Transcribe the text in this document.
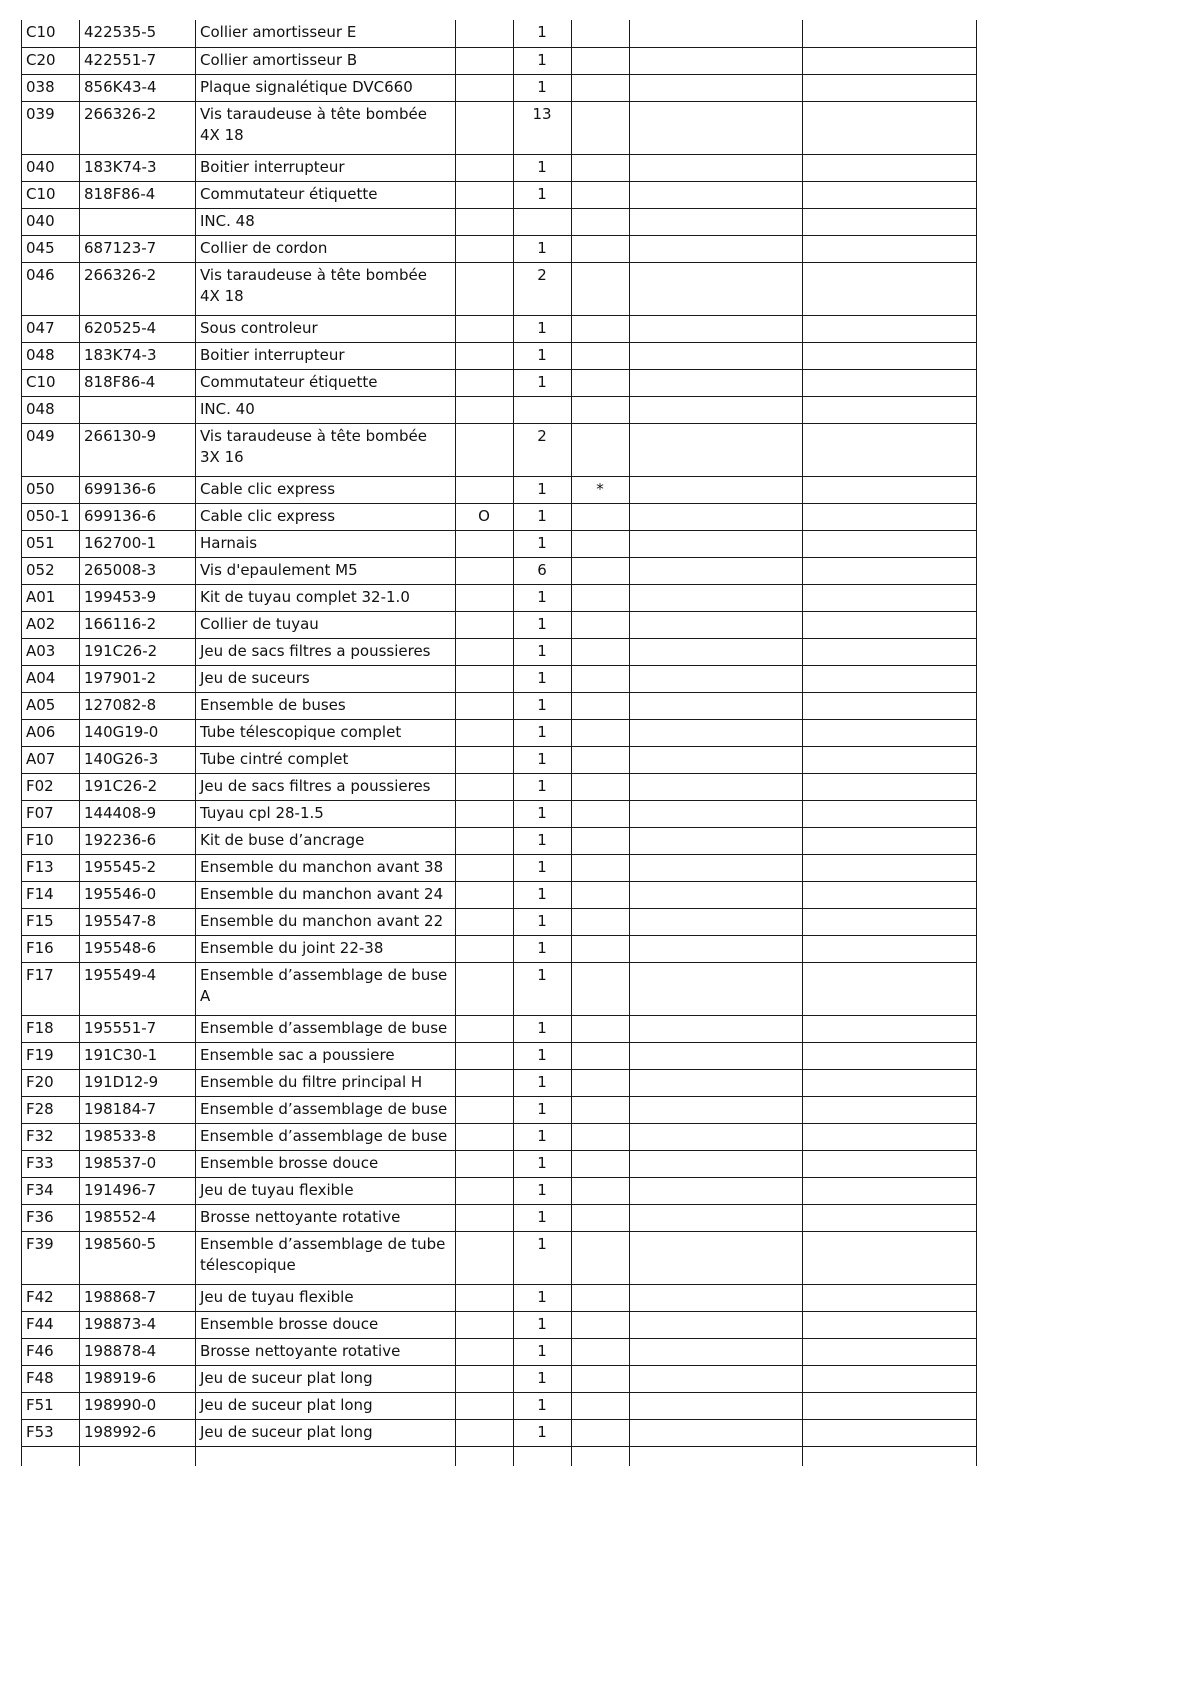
C10	422535-5	Collier amortisseur E		1			
C20	422551-7	Collier amortisseur B		1			
038	856K43-4	Plaque signalétique DVC660		1			
039	266326-2	Vis taraudeuse à tête bombée 4X 18		13			
040	183K74-3	Boitier interrupteur		1			
C10	818F86-4	Commutateur étiquette		1			
040		INC. 48					
045	687123-7	Collier de cordon		1			
046	266326-2	Vis taraudeuse à tête bombée 4X 18		2			
047	620525-4	Sous controleur		1			
048	183K74-3	Boitier interrupteur		1			
C10	818F86-4	Commutateur étiquette		1			
048		INC. 40					
049	266130-9	Vis taraudeuse à tête bombée 3X 16		2			
050	699136-6	Cable clic express		1	*		
050-1	699136-6	Cable clic express	O	1			
051	162700-1	Harnais		1			
052	265008-3	Vis d'epaulement M5		6			
A01	199453-9	Kit de tuyau complet 32-1.0		1			
A02	166116-2	Collier de tuyau		1			
A03	191C26-2	Jeu de sacs filtres a poussieres		1			
A04	197901-2	Jeu de suceurs		1			
A05	127082-8	Ensemble de buses		1			
A06	140G19-0	Tube télescopique complet		1			
A07	140G26-3	Tube cintré complet		1			
F02	191C26-2	Jeu de sacs filtres a poussieres		1			
F07	144408-9	Tuyau cpl 28-1.5		1			
F10	192236-6	Kit de buse d’ancrage		1			
F13	195545-2	Ensemble du manchon avant 38		1			
F14	195546-0	Ensemble du manchon avant 24		1			
F15	195547-8	Ensemble du manchon avant 22		1			
F16	195548-6	Ensemble du joint 22-38		1			
F17	195549-4	Ensemble d’assemblage de buse A		1			
F18	195551-7	Ensemble d’assemblage de buse		1			
F19	191C30-1	Ensemble sac a poussiere		1			
F20	191D12-9	Ensemble du filtre principal H		1			
F28	198184-7	Ensemble d’assemblage de buse		1			
F32	198533-8	Ensemble d’assemblage de buse		1			
F33	198537-0	Ensemble brosse douce		1			
F34	191496-7	Jeu de tuyau flexible		1			
F36	198552-4	Brosse nettoyante rotative		1			
F39	198560-5	Ensemble d’assemblage de tube télescopique		1			
F42	198868-7	Jeu de tuyau flexible		1			
F44	198873-4	Ensemble brosse douce		1			
F46	198878-4	Brosse nettoyante rotative		1			
F48	198919-6	Jeu de suceur plat long		1			
F51	198990-0	Jeu de suceur plat long		1			
F53	198992-6	Jeu de suceur plat long		1			
